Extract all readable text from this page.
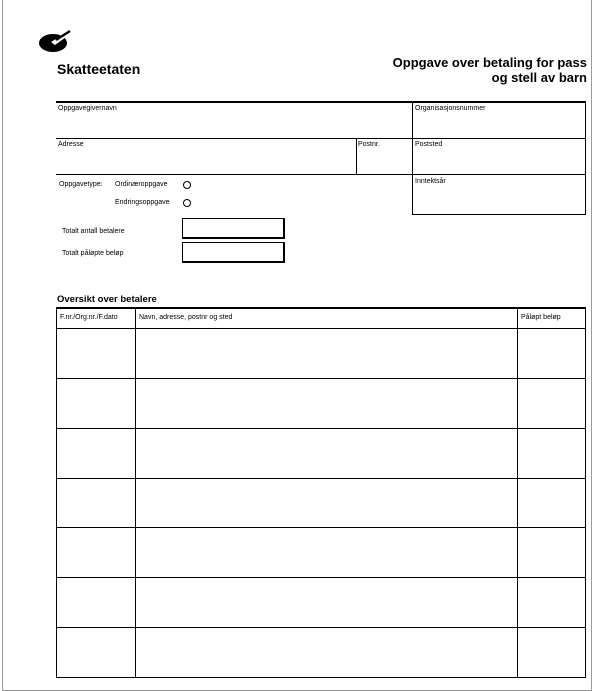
Skatteetaten	Oppgave over betaling for pass
og stell av barn
Oppgavegivernavn	Organisasjonsnummer
Adresse	Postnr.	Poststed
Inntektsår
Oppgavetype: Ordinæroppgave
Endringsoppgave
Totalt antall betalere
Totalt påløpte beløp
Oversikt over betalere
F.nr./Org.nr./F.dato	Navn, adresse, postnr og sted	Påløpt beløp
